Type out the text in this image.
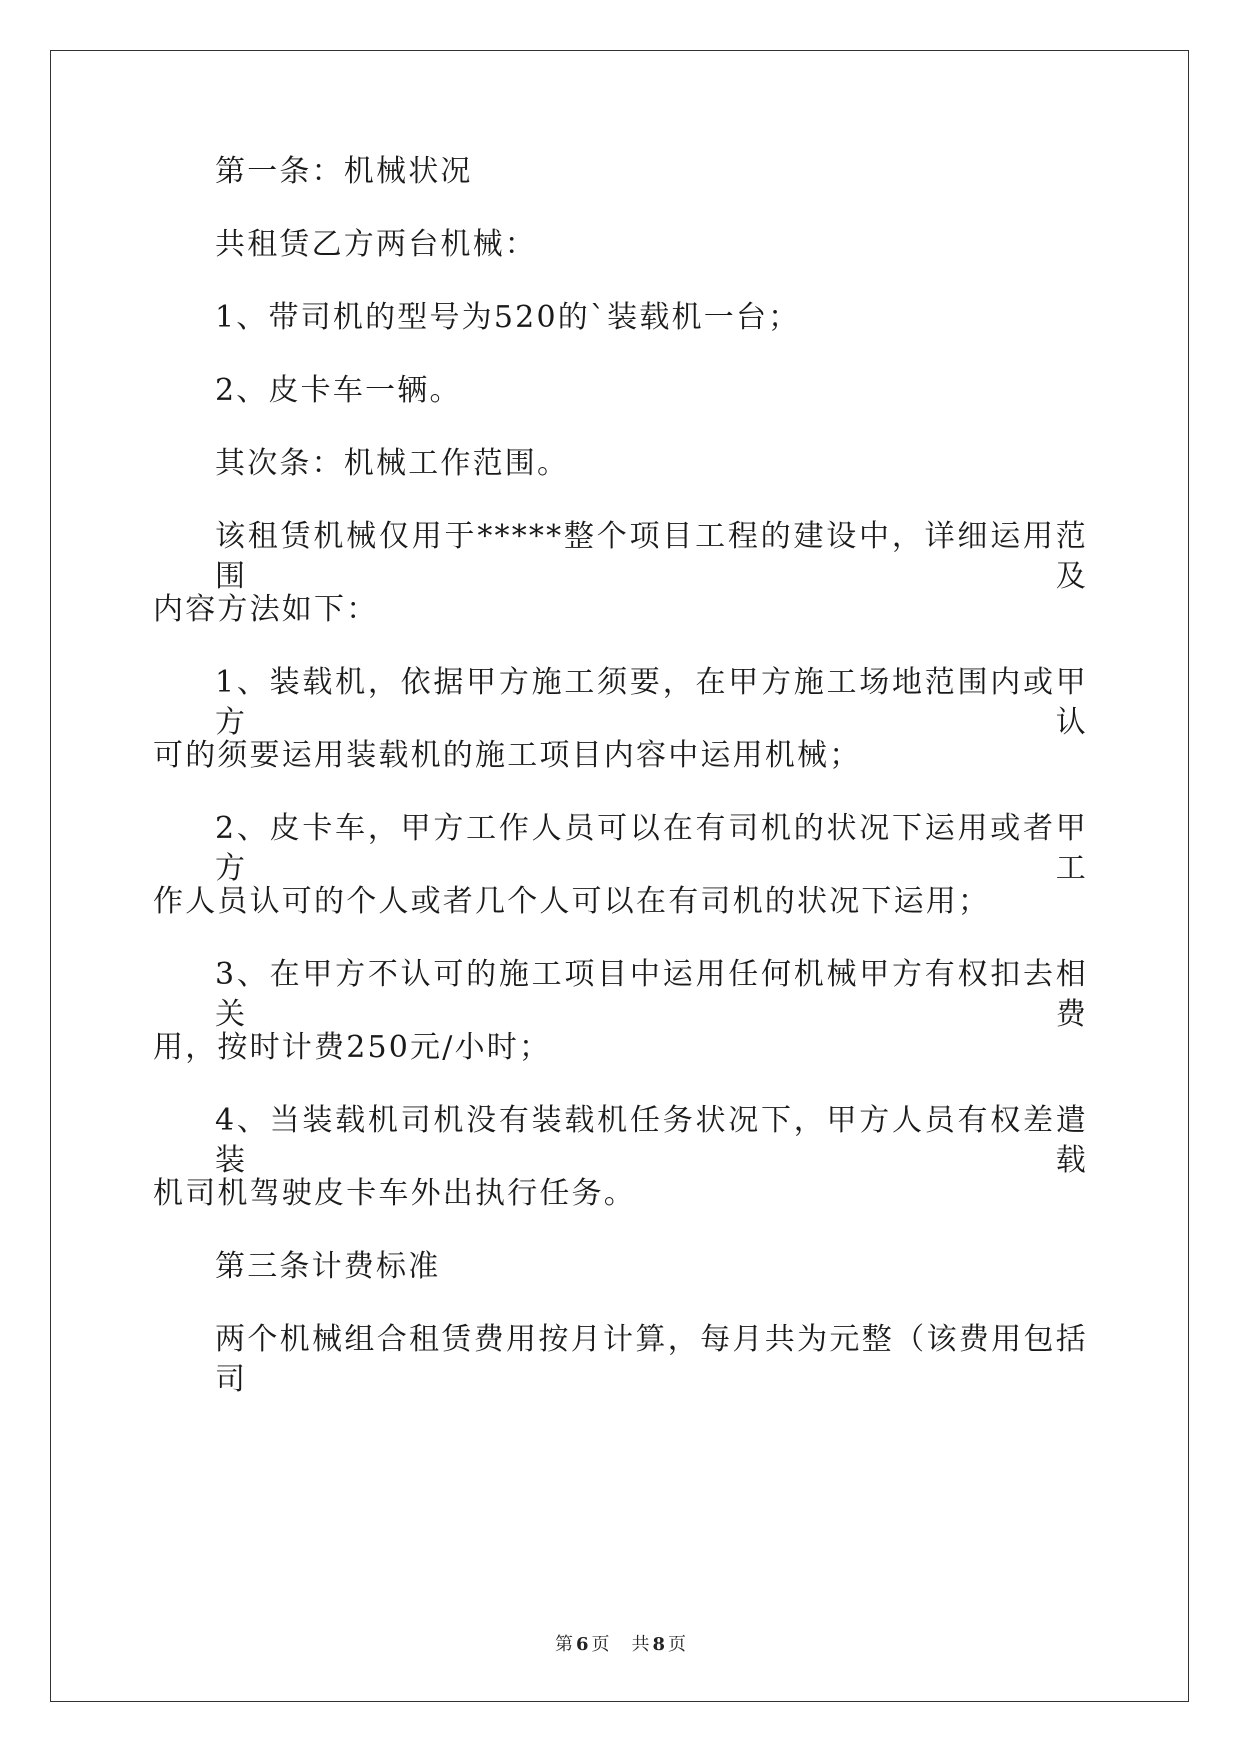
第一条：机械状况
共租赁乙方两台机械：
1、带司机的型号为520的`装载机一台；
2、皮卡车一辆。
其次条：机械工作范围。
该租赁机械仅用于*****整个项目工程的建设中，详细运用范围及
内容方法如下：
1、装载机，依据甲方施工须要，在甲方施工场地范围内或甲方认
可的须要运用装载机的施工项目内容中运用机械；
2、皮卡车，甲方工作人员可以在有司机的状况下运用或者甲方工
作人员认可的个人或者几个人可以在有司机的状况下运用；
3、在甲方不认可的施工项目中运用任何机械甲方有权扣去相关费
用，按时计费250元/小时；
4、当装载机司机没有装载机任务状况下，甲方人员有权差遣装载
机司机驾驶皮卡车外出执行任务。
第三条计费标准
两个机械组合租赁费用按月计算，每月共为元整（该费用包括司
第 6 页 共 8 页
